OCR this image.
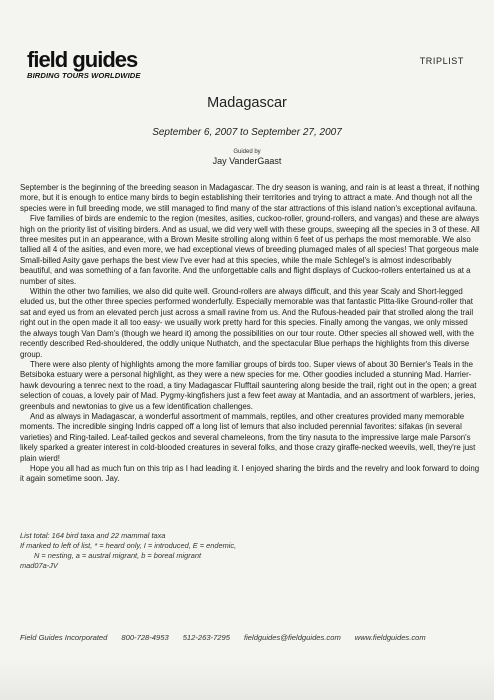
field guides
BIRDING TOURS WORLDWIDE
TRIPLIST
Madagascar
September 6, 2007 to September 27, 2007
Guided by
Jay VanderGaast

September is the beginning of the breeding season in Madagascar. The dry season is waning, and rain is at least a threat, if nothing more, but it is enough to entice many birds to begin establishing their territories and trying to attract a mate. And though not all the species were in full breeding mode, we still managed to find many of the star attractions of this island nation's exceptional avifauna.

Five families of birds are endemic to the region (mesites, asities, cuckoo-roller, ground-rollers, and vangas) and these are always high on the priority list of visiting birders. And as usual, we did very well with these groups, sweeping all the species in 3 of these. All three mesites put in an appearance, with a Brown Mesite strolling along within 6 feet of us perhaps the most memorable. We also tallied all 4 of the asities, and even more, we had exceptional views of breeding plumaged males of all species! That gorgeous male Small-billed Asity gave perhaps the best view I've ever had at this species, while the male Schlegel's is almost indescribably beautiful, and was something of a fan favorite. And the unforgettable calls and flight displays of Cuckoo-rollers entertained us at a number of sites.

Within the other two families, we also did quite well. Ground-rollers are always difficult, and this year Scaly and Short-legged eluded us, but the other three species performed wonderfully. Especially memorable was that fantastic Pitta-like Ground-roller that sat and eyed us from an elevated perch just across a small ravine from us. And the Rufous-headed pair that strolled along the trail right out in the open made it all too easy- we usually work pretty hard for this species. Finally among the vangas, we only missed the always tough Van Dam's (though we heard it) among the possibilities on our tour route. Other species all showed well, with the recently described Red-shouldered, the oddly unique Nuthatch, and the spectacular Blue perhaps the highlights from this diverse group.

There were also plenty of highlights among the more familiar groups of birds too. Super views of about 30 Bernier's Teals in the Betsiboka estuary were a personal highlight, as they were a new species for me. Other goodies included a stunning Mad. Harrier-hawk devouring a tenrec next to the road, a tiny Madagascar Flufftail sauntering along beside the trail, right out in the open; a great selection of couas, a lovely pair of Mad. Pygmy-kingfishers just a few feet away at Mantadia, and an assortment of warblers, jeries, greenbuls and newtonias to give us a few identification challenges.

And as always in Madagascar, a wonderful assortment of mammals, reptiles, and other creatures provided many memorable moments. The incredible singing Indris capped off a long list of lemurs that also included perennial favorites: sifakas (in several varieties) and Ring-tailed. Leaf-tailed geckos and several chameleons, from the tiny nasuta to the impressive large male Parson's likely sparked a greater interest in cold-blooded creatures in several folks, and those crazy giraffe-necked weevils, well, they're just plain wierd!

Hope you all had as much fun on this trip as I had leading it. I enjoyed sharing the birds and the revelry and look forward to doing it again sometime soon. Jay.

List total: 164 bird taxa and 22 mammal taxa
If marked to left of list, * = heard only, I = introduced, E = endemic,
N = nesting, a = austral migrant, b = boreal migrant
mad07a-JV
Field Guides Incorporated 800-728-4953 512-263-7295 fieldguides@fieldguides.com www.fieldguides.com
